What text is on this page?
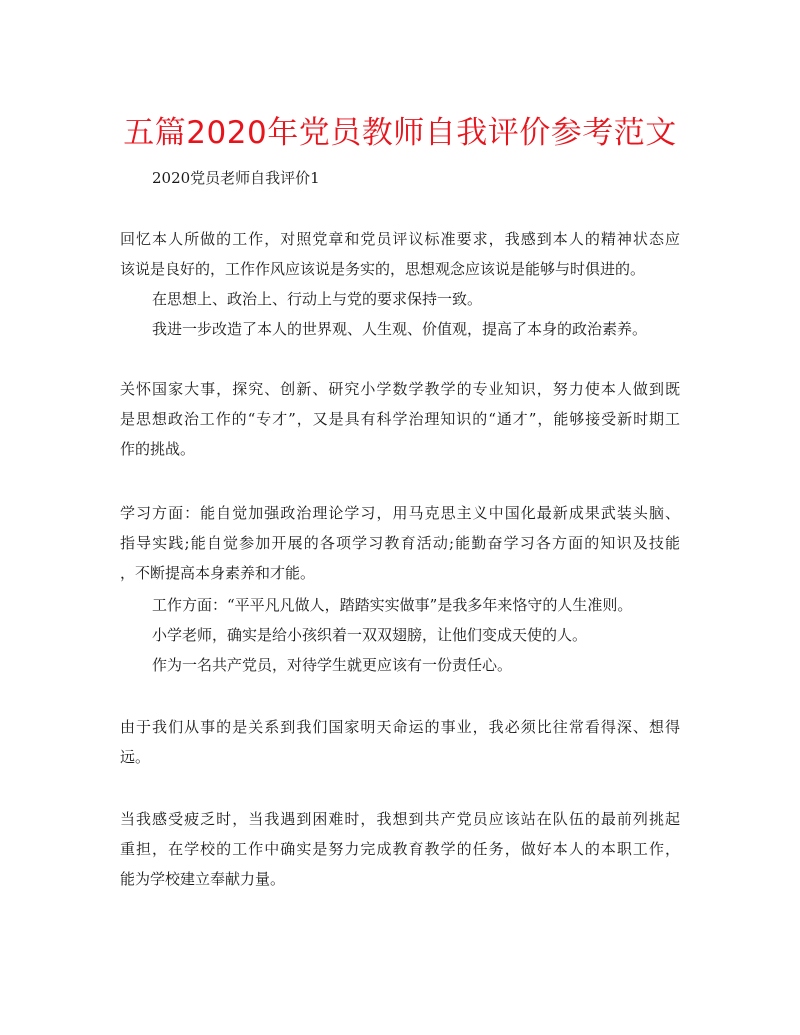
五篇2020年党员教师自我评价参考范文
2020党员老师自我评价1
回忆本人所做的工作，对照党章和党员评议标准要求，我感到本人的精神状态应
该说是良好的，工作作风应该说是务实的，思想观念应该说是能够与时俱进的。
在思想上、政治上、行动上与党的要求保持一致。
我进一步改造了本人的世界观、人生观、价值观，提高了本身的政治素养。
关怀国家大事，探究、创新、研究小学数学教学的专业知识，努力使本人做到既
是思想政治工作的“专才”，又是具有科学治理知识的“通才”，能够接受新时期工
作的挑战。
学习方面：能自觉加强政治理论学习，用马克思主义中国化最新成果武装头脑、
指导实践;能自觉参加开展的各项学习教育活动;能勤奋学习各方面的知识及技能
，不断提高本身素养和才能。
工作方面：“平平凡凡做人，踏踏实实做事”是我多年来恪守的人生准则。
小学老师，确实是给小孩织着一双双翅膀，让他们变成天使的人。
作为一名共产党员，对待学生就更应该有一份责任心。
由于我们从事的是关系到我们国家明天命运的事业，我必须比往常看得深、想得
远。
当我感受疲乏时，当我遇到困难时，我想到共产党员应该站在队伍的最前列挑起
重担，在学校的工作中确实是努力完成教育教学的任务，做好本人的本职工作，
能为学校建立奉献力量。
